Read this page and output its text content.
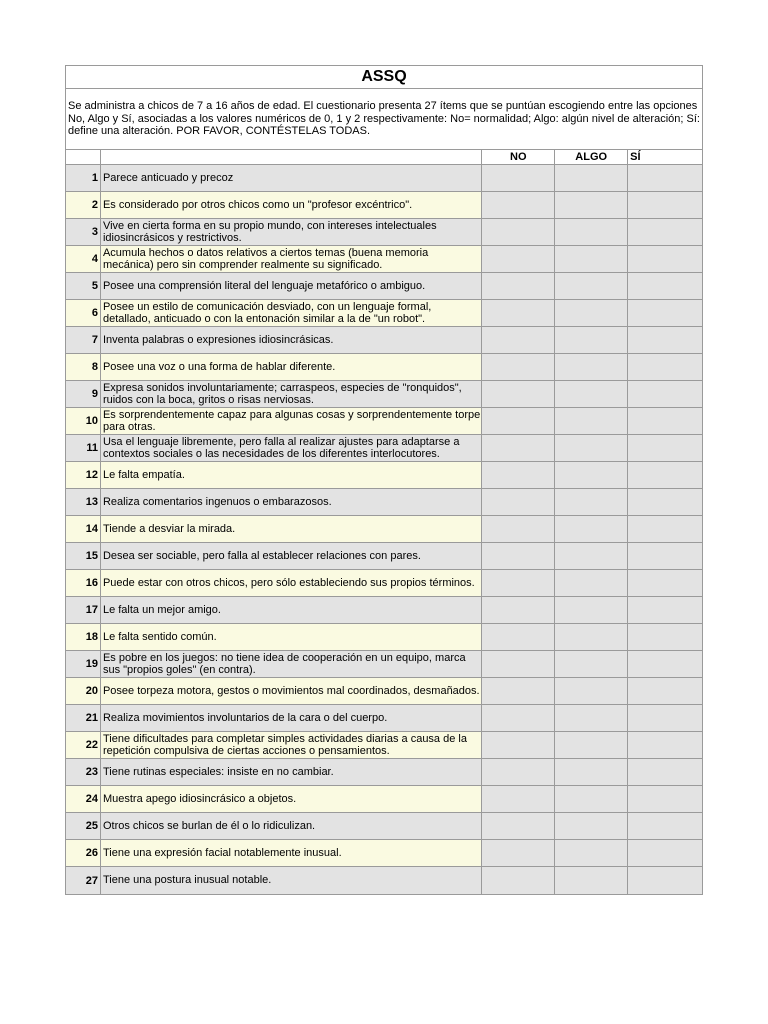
ASSQ
Se administra a chicos de 7 a 16 años de edad. El cuestionario presenta 27 ítems que se puntúan escogiendo entre las opciones No, Algo y Sí, asociadas a los valores numéricos de 0, 1 y 2 respectivamente: No= normalidad; Algo: algún nivel de alteración; Sí: define una alteración. POR FAVOR, CONTÉSTELAS TODAS.
NO	ALGO	SÍ
1 Parece anticuado y precoz
2 Es considerado por otros chicos como un "profesor excéntrico".
3
Vive en cierta forma en su propio mundo, con intereses intelectuales idiosincrásicos y restrictivos.
4
Acumula hechos o datos relativos a ciertos temas (buena memoria mecánica) pero sin comprender realmente su significado.
5 Posee una comprensión literal del lenguaje metafórico o ambiguo.
6
Posee un estilo de comunicación desviado, con un lenguaje formal, detallado, anticuado o con la entonación similar a la de "un robot".
7 Inventa palabras o expresiones idiosincrásicas.
8 Posee una voz o una forma de hablar diferente.
9
Expresa sonidos involuntariamente; carraspeos, especies de "ronquidos", ruidos con la boca, gritos o risas nerviosas.
10
Es sorprendentemente capaz para algunas cosas y sorprendentemente torpe para otras.
11
Usa el lenguaje libremente, pero falla al realizar ajustes para adaptarse a contextos sociales o las necesidades de los diferentes interlocutores.
12 Le falta empatía.
13 Realiza comentarios ingenuos o embarazosos.
14 Tiende a desviar la mirada.
15 Desea ser sociable, pero falla al establecer relaciones con pares.
16 Puede estar con otros chicos, pero sólo estableciendo sus propios términos.
17 Le falta un mejor amigo.
18 Le falta sentido común.
19
Es pobre en los juegos: no tiene idea de cooperación en un equipo, marca sus "propios goles" (en contra).
20 Posee torpeza motora, gestos o movimientos mal coordinados, desmañados.
21 Realiza movimientos involuntarios de la cara o del cuerpo.
22
Tiene dificultades para completar simples actividades diarias a causa de la repetición compulsiva de ciertas acciones o pensamientos.
23 Tiene rutinas especiales: insiste en no cambiar.
24 Muestra apego idiosincrásico a objetos.
25 Otros chicos se burlan de él o lo ridiculizan.
26 Tiene una expresión facial notablemente inusual.
27 Tiene una postura inusual notable.
